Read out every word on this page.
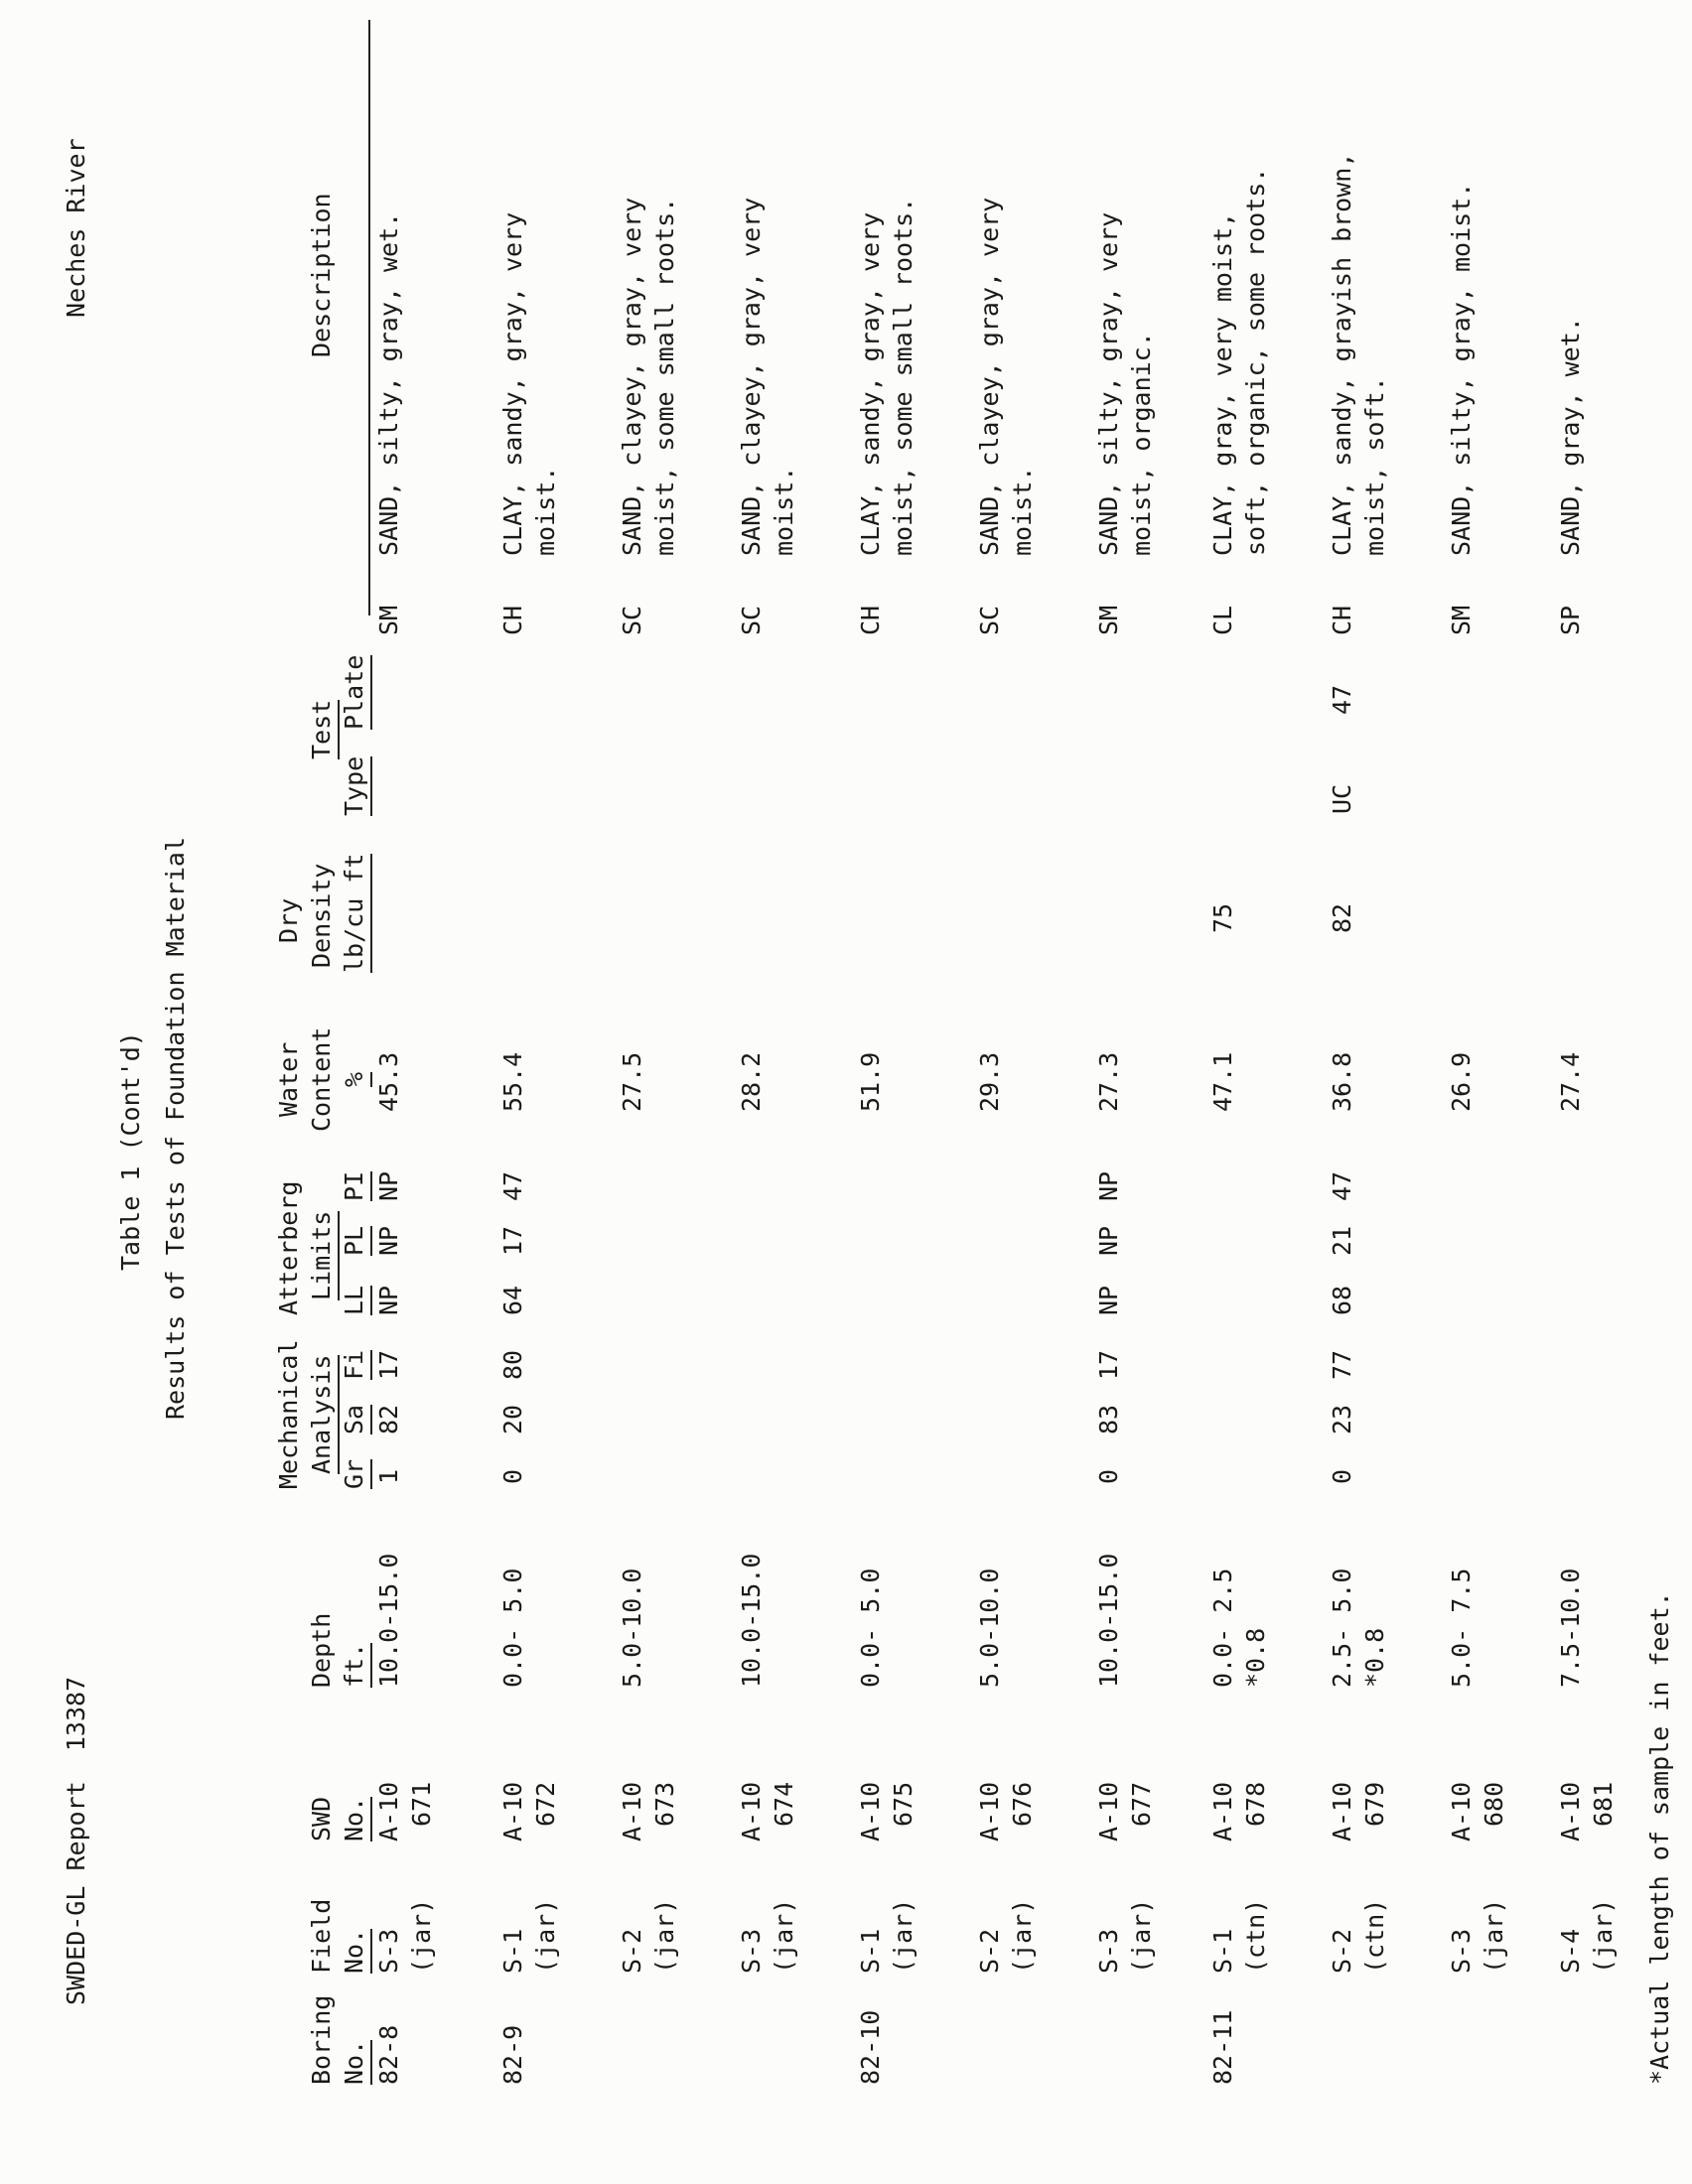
SWDED-GL Report  13387
Neches River
Table 1 (Cont'd) Results of Tests of Foundation Material
Boring No.
Field No.
SWD No.
Depth ft.
Mechanical Analysis Gr
Sa
Fi
Atterberg Limits LL
PL
PI
Water Content %
Dry Density lb/cu ft
Test
Type
Plate
Description
82-8
S-3 (jar)
A-10 671
10.0-15.0
1
82
17
NP
NP
NP
45.3
SM
SAND, silty, gray, wet.
82-9
S-1 (jar)
A-10 672
0.0- 5.0
0
20
80
64
17
47
55.4
CH
CLAY, sandy, gray, very
moist.
S-2 (jar)
A-10 673
5.0-10.0
27.5
SC
SAND, clayey, gray, very
moist, some small roots.
S-3 (jar)
A-10 674
10.0-15.0
28.2
SC
SAND, clayey, gray, very
moist.
82-10
S-1 (jar)
A-10 675
0.0- 5.0
51.9
CH
CLAY, sandy, gray, very
moist, some small roots.
S-2 (jar)
A-10 676
5.0-10.0
29.3
SC
SAND, clayey, gray, very
moist.
S-3 (jar)
A-10 677
10.0-15.0
0
83
17
NP
NP
NP
27.3
SM
SAND, silty, gray, very
moist, organic.
82-11
S-1 (ctn)
A-10 678
0.0- 2.5 *0.8
47.1
75
CL
CLAY, gray, very moist,
soft, organic, some roots.
S-2 (ctn)
A-10 679
2.5- 5.0 *0.8
0
23
77
68
21
47
36.8
82
UC
47
CH
CLAY, sandy, grayish brown,
moist, soft.
S-3 (jar)
A-10 680
5.0- 7.5
26.9
SM
SAND, silty, gray, moist.
S-4 (jar)
A-10 681
7.5-10.0
27.4
SP
SAND, gray, wet.
*Actual length of sample in feet.
